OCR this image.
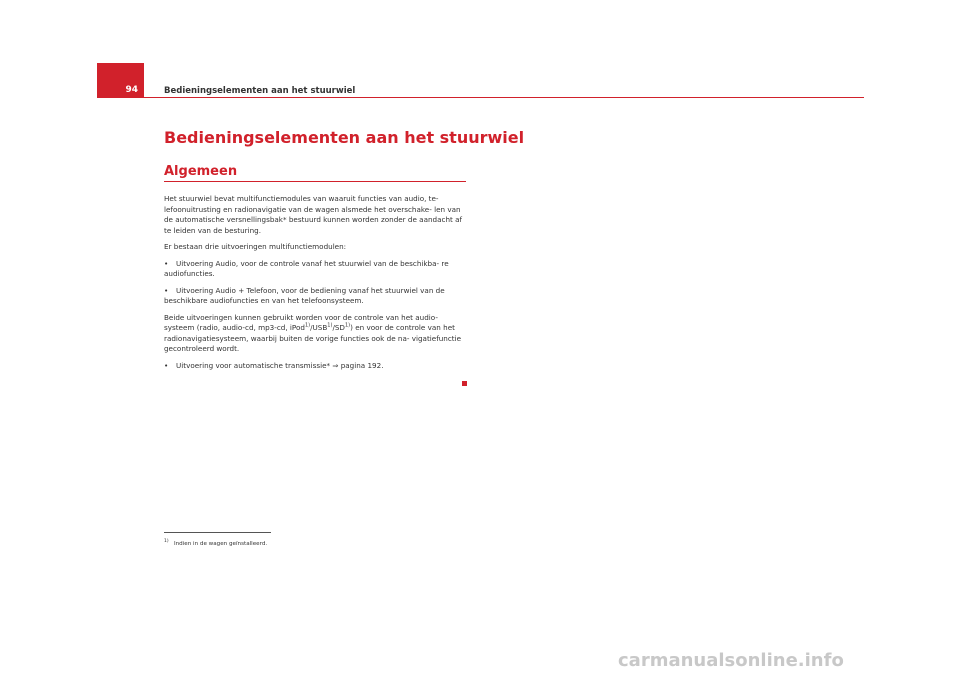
94	Bedieningselementen aan het stuurwiel
Bedieningselementen aan het stuurwiel
Algemeen

Het stuurwiel bevat multifunctiemodules van waaruit functies van audio, te- lefoonuitrusting en radionavigatie van de wagen alsmede het overschake- len van de automatische versnellingsbak* bestuurd kunnen worden zonder de aandacht af te leiden van de besturing.

Er bestaan drie uitvoeringen multifunctiemodulen:

• Uitvoering Audio, voor de controle vanaf het stuurwiel van de beschikba- re audiofuncties.

• Uitvoering Audio + Telefoon, voor de bediening vanaf het stuurwiel van de beschikbare audiofuncties en van het telefoonsysteem.

Beide uitvoeringen kunnen gebruikt worden voor de controle van het audio- systeem (radio, audio-cd, mp3-cd, iPod$^{1)}$/USB$^{1)}$/SD$^{1)}$) en voor de controle van het radionavigatiesysteem, waarbij buiten de vorige functies ook de na- vigatiefunctie gecontroleerd wordt.

• Uitvoering voor automatische transmissie* ⇒ pagina 192.

$^{1)}$ Indien in de wagen geïnstalleerd.
carmanualsonline.info
